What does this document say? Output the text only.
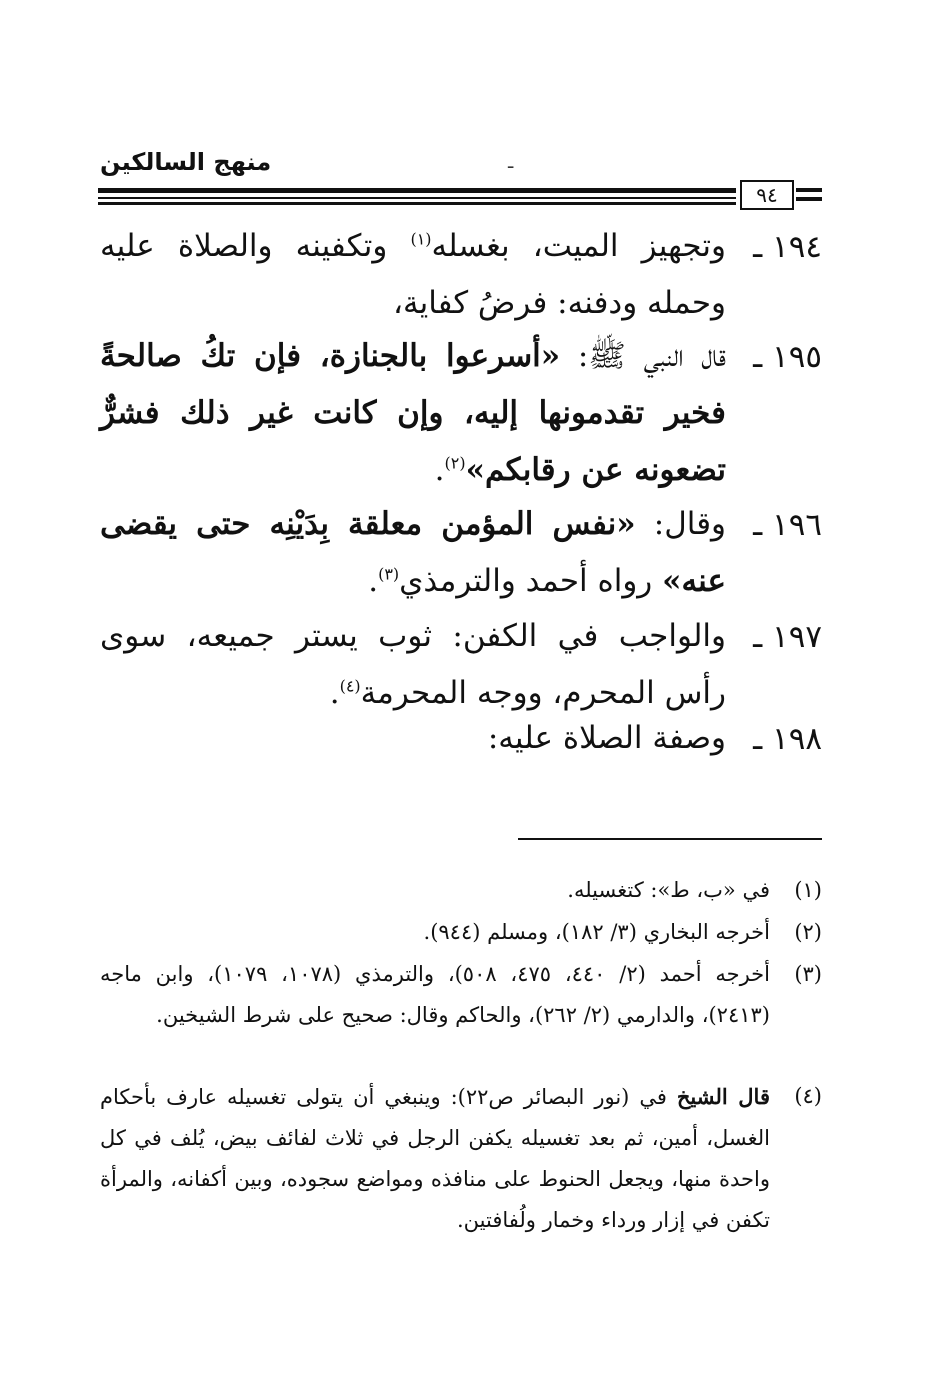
منهج السالكين	ـ
٩٤
١٩٤ ـ
وتجهيز الميت، بغسله$^{(١)}$ وتكفينه والصلاة عليه وحمله ودفنه: فرضُ كفاية،
١٩٥ ـ
قال النبي ﷺ: «أسرعوا بالجنازة، فإن تكُ صالحةً فخير تقدمونها إليه، وإن كانت غير ذلك فشرٌّ تضعونه عن رقابكم»$^{(٢)}$.
١٩٦ ـ
وقال: «نفس المؤمن معلقة بِدَيْنِه حتى يقضى عنه» رواه أحمد والترمذي$^{(٣)}$.
١٩٧ ـ
والواجب في الكفن: ثوب يستر جميعه، سوى رأس المحرم، ووجه المحرمة$^{(٤)}$.
١٩٨ ـ
وصفة الصلاة عليه:
(١)
في «ب، ط»: كتغسيله.
(٢)
أخرجه البخاري (٣/ ١٨٢)، ومسلم (٩٤٤).
(٣)
أخرجه أحمد (٢/ ٤٤٠، ٤٧٥، ٥٠٨)، والترمذي (١٠٧٨، ١٠٧٩)، وابن ماجه (٢٤١٣)، والدارمي (٢/ ٢٦٢)، والحاكم وقال: صحيح على شرط الشيخين.
(٤)
قال الشيخ في (نور البصائر ص٢٢): وينبغي أن يتولى تغسيله عارف بأحكام الغسل، أمين، ثم بعد تغسيله يكفن الرجل في ثلاث لفائف بيض، يُلف في كل واحدة منها، ويجعل الحنوط على منافذه ومواضع سجوده، وبين أكفانه، والمرأة تكفن في إزار ورداء وخمار ولُفافتين.
